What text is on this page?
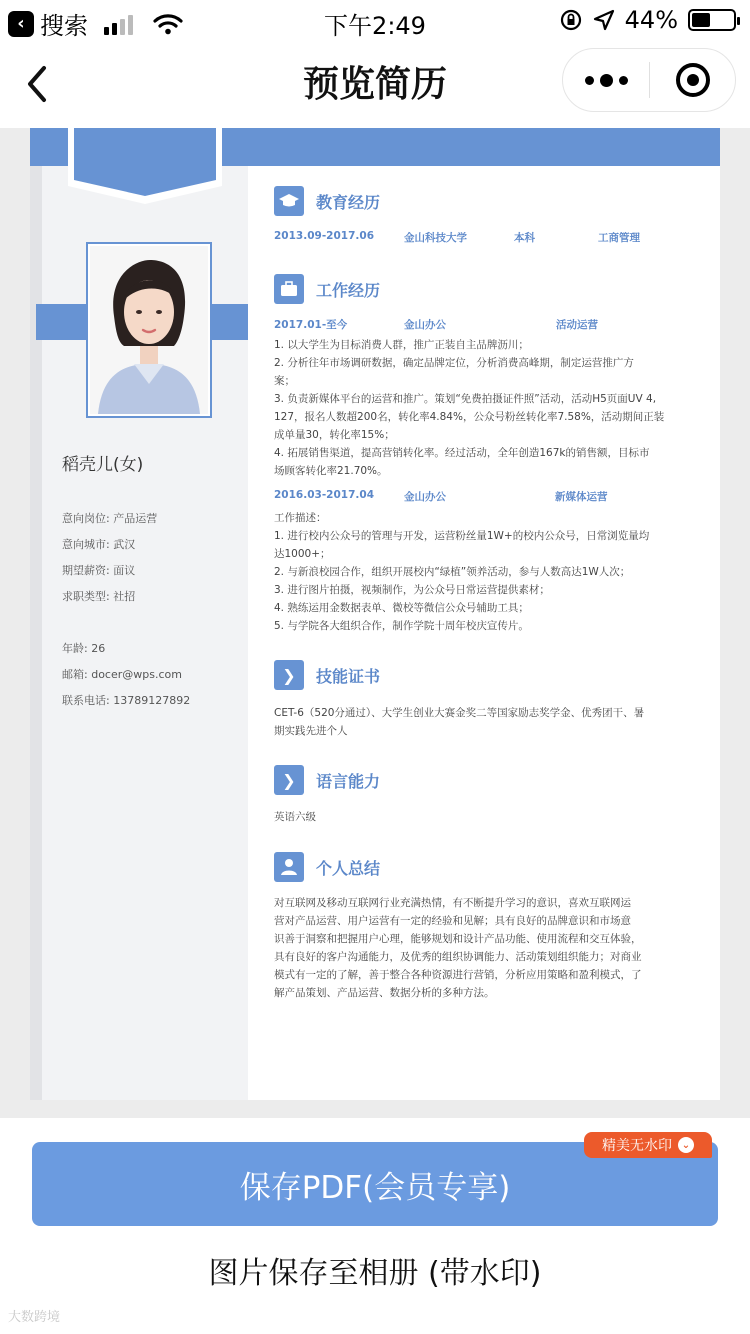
‹ 搜索	下午2:49	44%
预览简历
稻壳儿(女)
意向岗位: 产品运营
意向城市: 武汉
期望薪资: 面议
求职类型: 社招
年龄: 26
邮箱: docer@wps.com
联系电话: 13789127892
教育经历
2013.09-2017.06	金山科技大学	本科	工商管理
工作经历
2017.01-至今	金山办公	活动运营
1. 以大学生为目标消费人群，推广正装自主品牌沥川；
2. 分析往年市场调研数据，确定品牌定位，分析消费高峰期，制定运营推广方
案；
3. 负责新媒体平台的运营和推广。策划“免费拍摄证件照”活动，活动H5页面UV 4,
127，报名人数超200名，转化率4.84%，公众号粉丝转化率7.58%，活动期间正装
成单量30，转化率15%；
4. 拓展销售渠道，提高营销转化率。经过活动，全年创造167k的销售额，目标市
场顾客转化率21.70%。
2016.03-2017.04	金山办公	新媒体运营
工作描述：
1. 进行校内公众号的管理与开发，运营粉丝量1W+的校内公众号，日常浏览量均
达1000+；
2. 与新浪校园合作，组织开展校内“绿植”领养活动，参与人数高达1W人次；
3. 进行图片拍摄，视频制作，为公众号日常运营提供素材；
4. 熟练运用金数据表单、微校等微信公众号辅助工具；
5. 与学院各大组织合作，制作学院十周年校庆宣传片。
❯	技能证书
CET-6（520分通过）、大学生创业大赛金奖二等国家励志奖学金、优秀团干、暑
期实践先进个人
❯	语言能力
英语六级
个人总结
对互联网及移动互联网行业充满热情，有不断提升学习的意识，喜欢互联网运
营对产品运营、用户运营有一定的经验和见解；具有良好的品牌意识和市场意
识善于洞察和把握用户心理，能够规划和设计产品功能、使用流程和交互体验，
具有良好的客户沟通能力，及优秀的组织协调能力、活动策划组织能力；对商业
模式有一定的了解，善于整合各种资源进行营销，分析应用策略和盈利模式，了
解产品策划、产品运营、数据分析的多种方法。
精美无水印 ⌄
保存PDF(会员专享)
图片保存至相册 (带水印)
大数跨境
